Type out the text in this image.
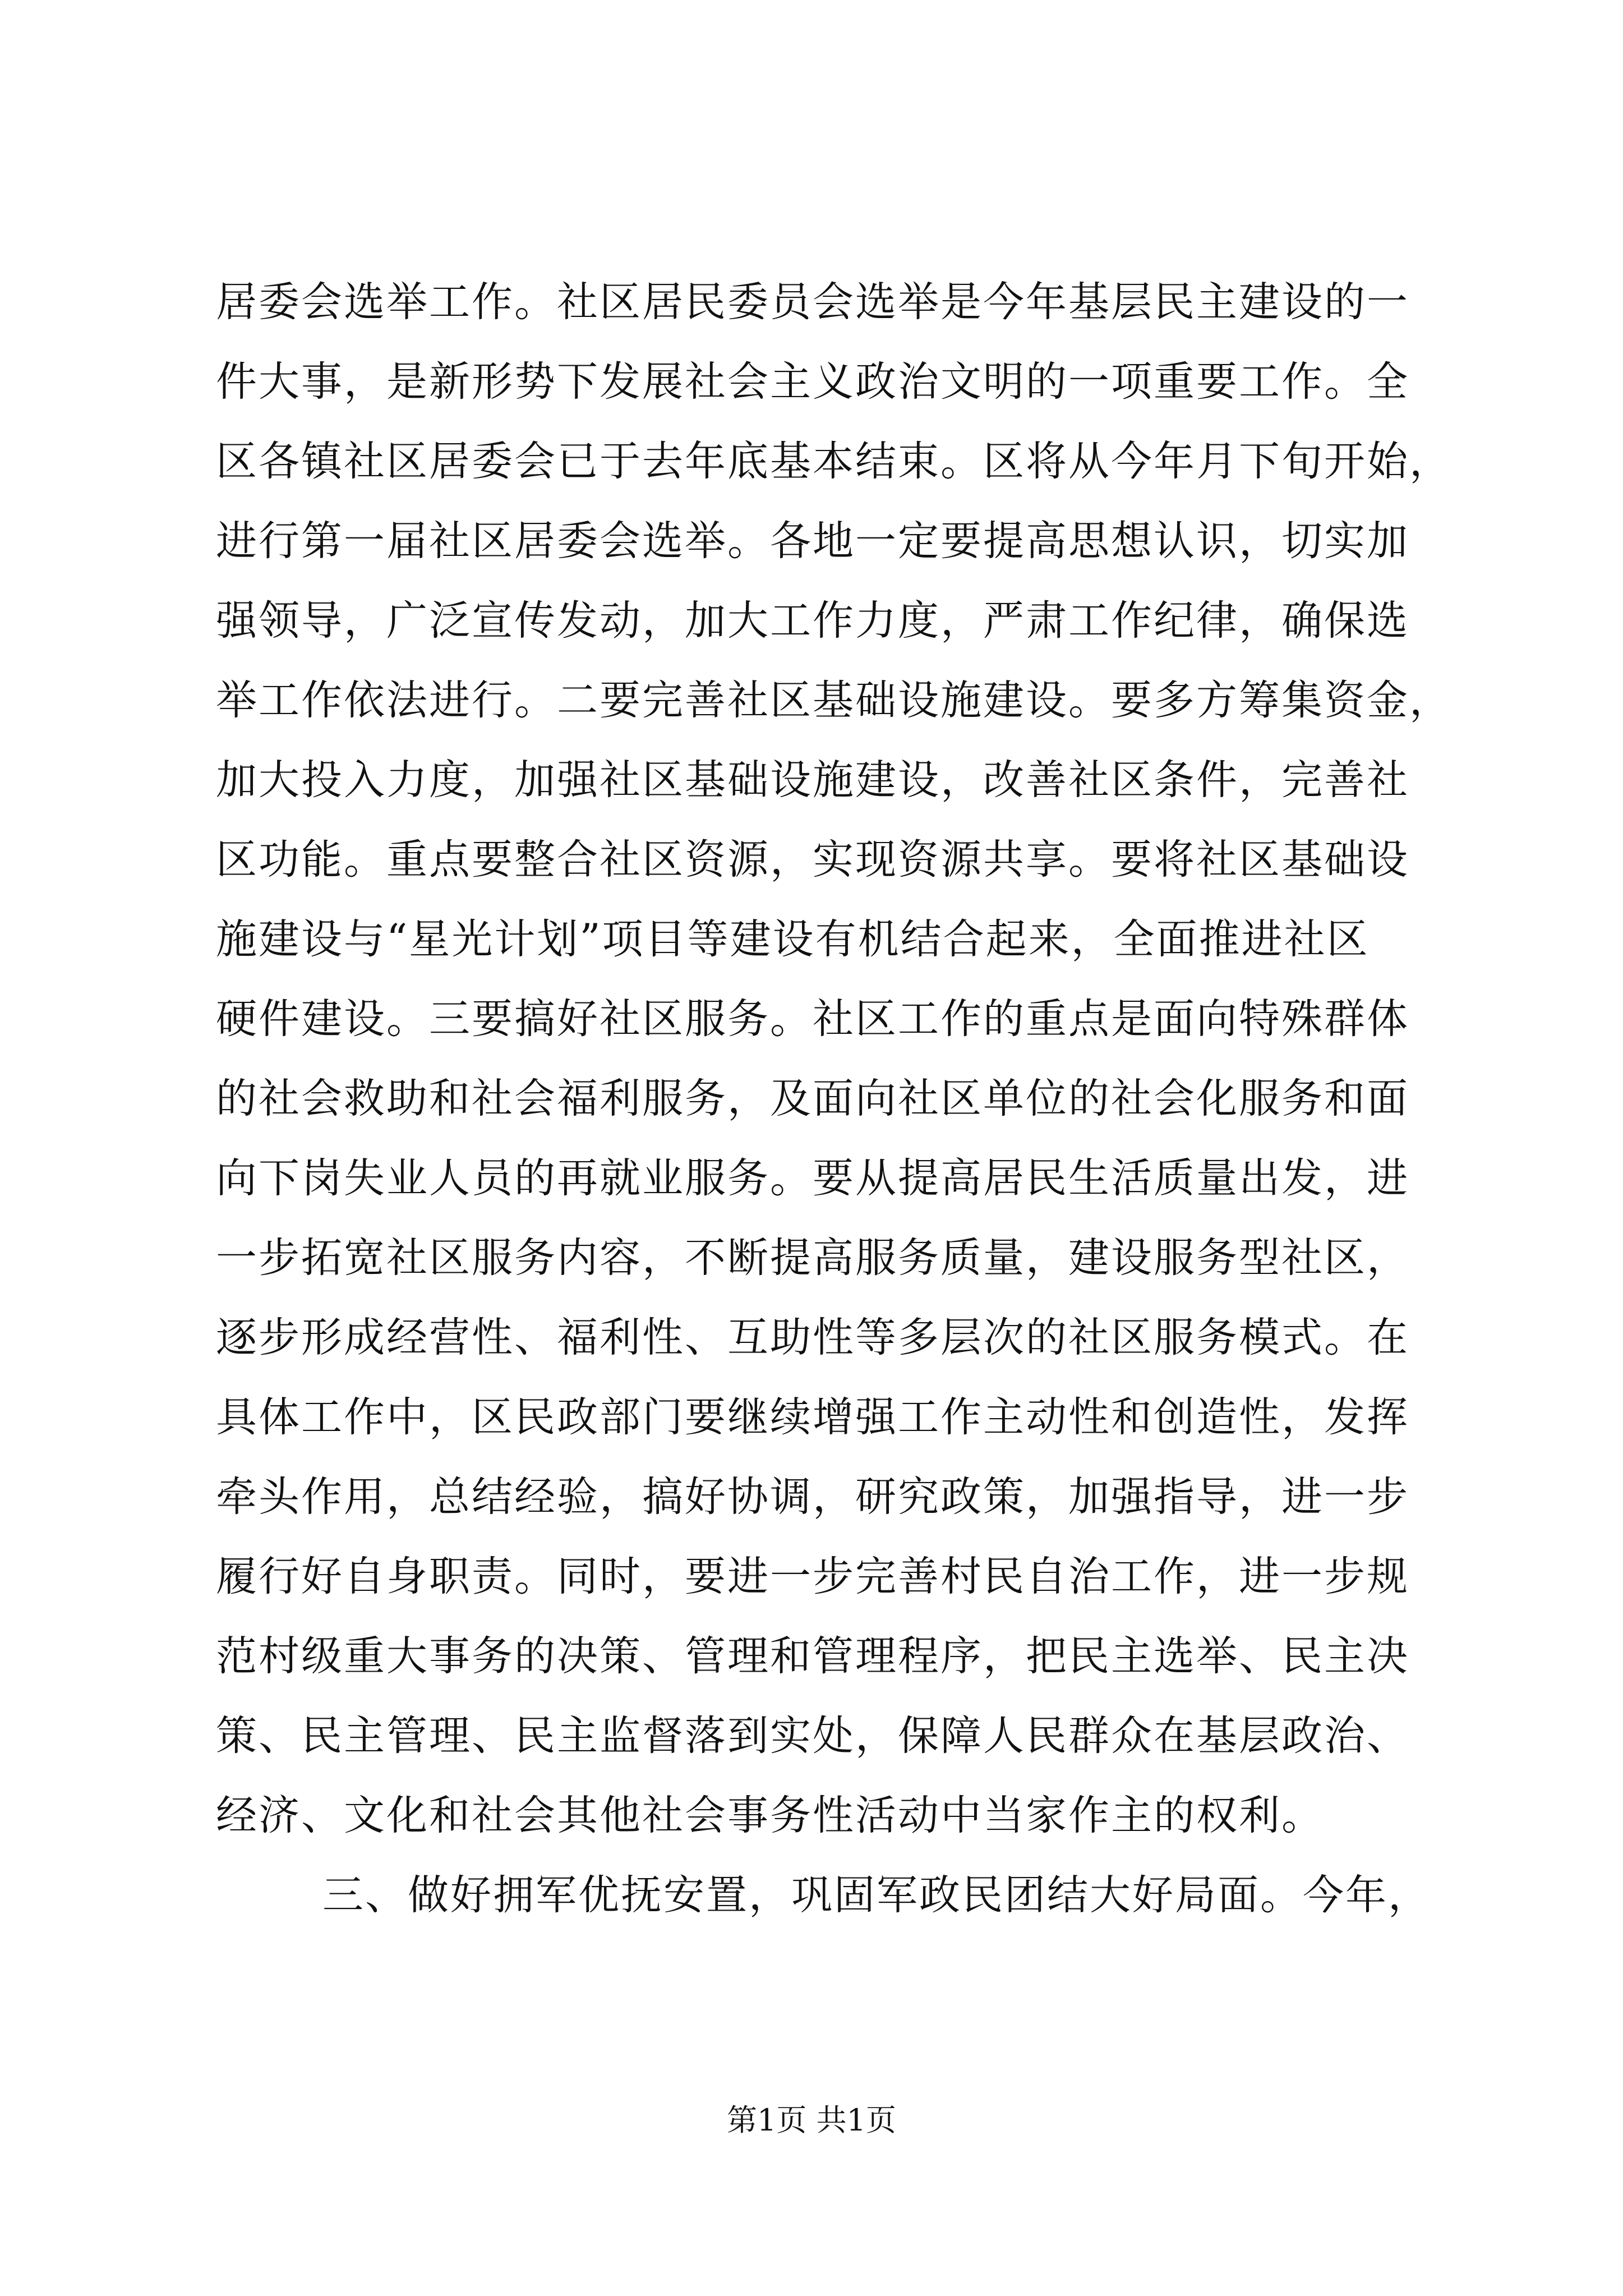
居委会选举工作。社区居民委员会选举是今年基层民主建设的一
件大事，是新形势下发展社会主义政治文明的一项重要工作。全
区各镇社区居委会已于去年底基本结束。区将从今年月下旬开始，
进行第一届社区居委会选举。各地一定要提高思想认识，切实加
强领导，广泛宣传发动，加大工作力度，严肃工作纪律，确保选
举工作依法进行。二要完善社区基础设施建设。要多方筹集资金，
加大投入力度，加强社区基础设施建设，改善社区条件，完善社
区功能。重点要整合社区资源，实现资源共享。要将社区基础设
施建设与“星光计划”项目等建设有机结合起来，全面推进社区
硬件建设。三要搞好社区服务。社区工作的重点是面向特殊群体
的社会救助和社会福利服务，及面向社区单位的社会化服务和面
向下岗失业人员的再就业服务。要从提高居民生活质量出发，进
一步拓宽社区服务内容，不断提高服务质量，建设服务型社区，
逐步形成经营性、福利性、互助性等多层次的社区服务模式。在
具体工作中，区民政部门要继续增强工作主动性和创造性，发挥
牵头作用，总结经验，搞好协调，研究政策，加强指导，进一步
履行好自身职责。同时，要进一步完善村民自治工作，进一步规
范村级重大事务的决策、管理和管理程序，把民主选举、民主决
策、民主管理、民主监督落到实处，保障人民群众在基层政治、
经济、文化和社会其他社会事务性活动中当家作主的权利。
三、做好拥军优抚安置，巩固军政民团结大好局面。今年，
第1页 共1页
